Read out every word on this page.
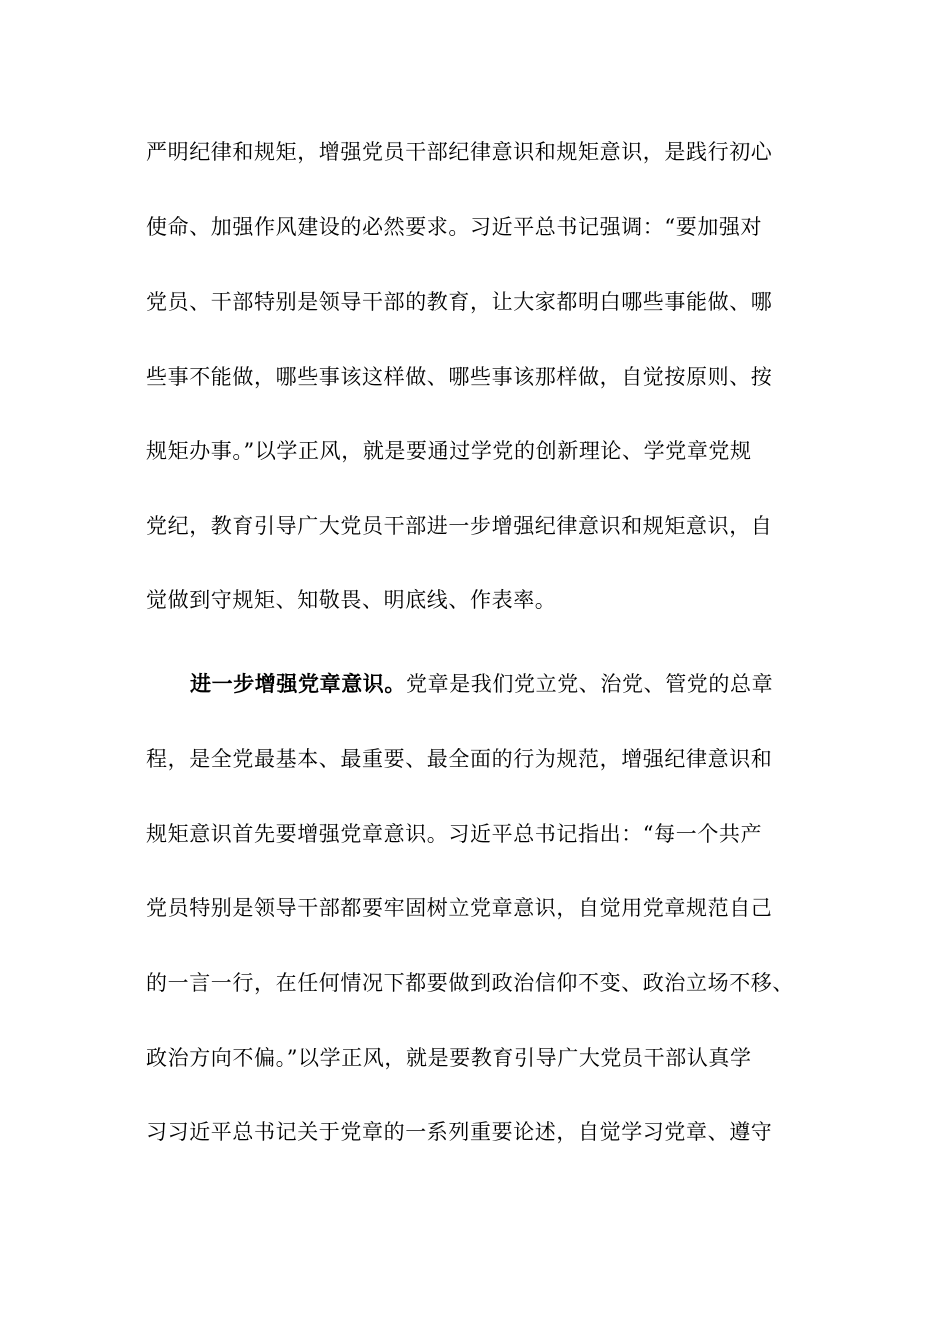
严明纪律和规矩，增强党员干部纪律意识和规矩意识，是践行初心
使命、加强作风建设的必然要求。习近平总书记强调：“要加强对
党员、干部特别是领导干部的教育，让大家都明白哪些事能做、哪
些事不能做，哪些事该这样做、哪些事该那样做，自觉按原则、按
规矩办事。”以学正风，就是要通过学党的创新理论、学党章党规
党纪，教育引导广大党员干部进一步增强纪律意识和规矩意识，自
觉做到守规矩、知敬畏、明底线、作表率。
进一步增强党章意识。党章是我们党立党、治党、管党的总章
程，是全党最基本、最重要、最全面的行为规范，增强纪律意识和
规矩意识首先要增强党章意识。习近平总书记指出：“每一个共产
党员特别是领导干部都要牢固树立党章意识，自觉用党章规范自己
的一言一行，在任何情况下都要做到政治信仰不变、政治立场不移、
政治方向不偏。”以学正风，就是要教育引导广大党员干部认真学
习习近平总书记关于党章的一系列重要论述，自觉学习党章、遵守
